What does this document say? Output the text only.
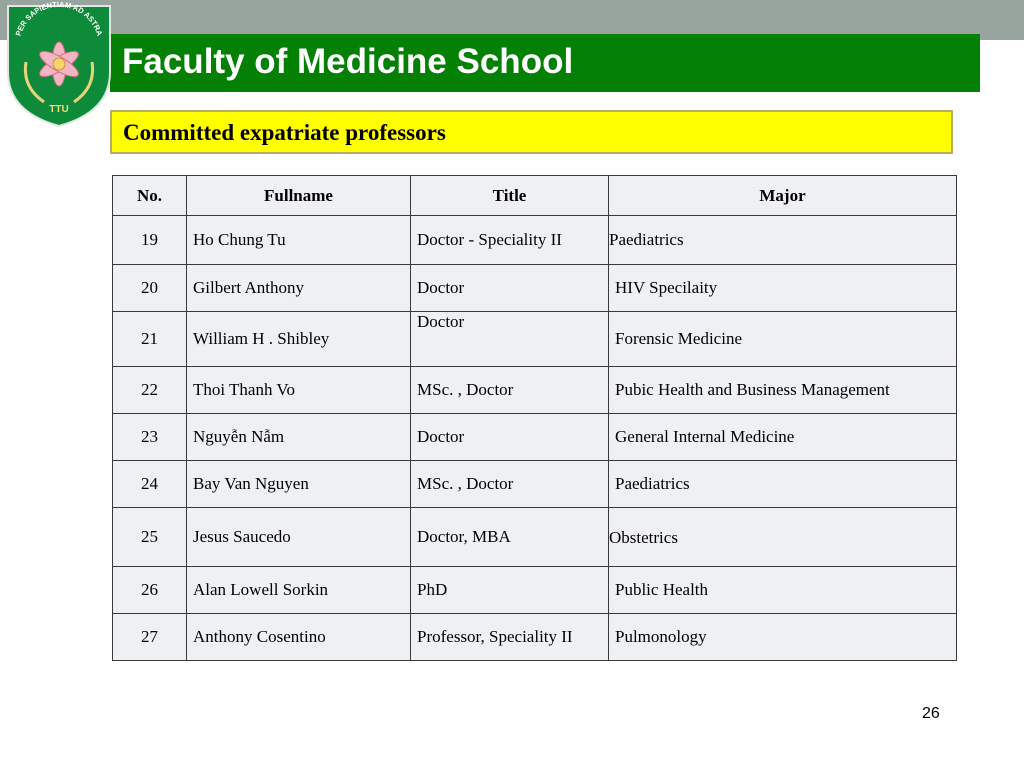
Faculty of Medicine School
PER SAPIENTIAM AD ASTRA
TTU
Committed expatriate professors
No.	Fullname	Title	Major
19	Ho Chung Tu	Doctor - Speciality II	Paediatrics
20	Gilbert Anthony	Doctor	HIV Specilaity
21	William H . Shibley	Doctor	Forensic Medicine
22	Thoi Thanh Vo	MSc. , Doctor	Pubic Health and Business Management
23	Nguyễn Nẫm	Doctor	General Internal Medicine
24	Bay Van Nguyen	MSc. , Doctor	Paediatrics
25	Jesus Saucedo	Doctor, MBA	Obstetrics
26	Alan Lowell Sorkin	PhD	Public Health
27	Anthony Cosentino	Professor, Speciality II	Pulmonology
26
